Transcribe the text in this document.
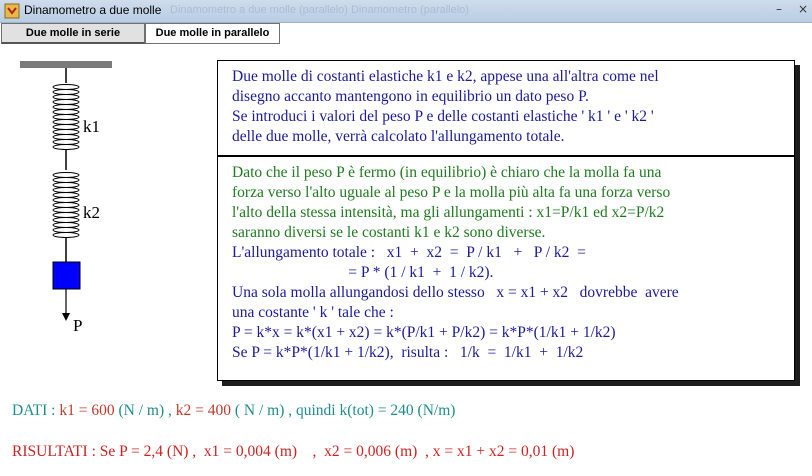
Dinamometro a due molle Dinamometro a due molle (parallelo) Dinamometro (parallelo)	–	×
Due molle in serie	Due molle in parallelo
k1
k2
P
Due molle di costanti elastiche k1 e k2, appese una all'altra come nel
disegno accanto mantengono in equilibrio un dato peso P.
Se introduci i valori del peso P e delle costanti elastiche ' k1 ' e ' k2 '
delle due molle, verrà calcolato l'allungamento totale.
Dato che il peso P è fermo (in equilibrio) è chiaro che la molla fa una
forza verso l'alto uguale al peso P e la molla più alta fa una forza verso
l'alto della stessa intensità, ma gli allungamenti : x1=P/k1 ed x2=P/k2
saranno diversi se le costanti k1 e k2 sono diverse.
L'allungamento totale :   x1  +  x2  =  P / k1   +   P / k2  =
= P * (1 / k1  +  1 / k2).
Una sola molla allungandosi dello stesso   x = x1 + x2   dovrebbe  avere
una costante ' k ' tale che :
P = k*x = k*(x1 + x2) = k*(P/k1 + P/k2) = k*P*(1/k1 + 1/k2)
Se P = k*P*(1/k1 + 1/k2),  risulta :   1/k  =  1/k1  +  1/k2
DATI : k1 = 600 (N / m) , k2 = 400 ( N / m) , quindi k(tot) = 240 (N/m)
RISULTATI : Se P = 2,4 (N) ,  x1 = 0,004 (m)    ,  x2 = 0,006 (m)  , x = x1 + x2 = 0,01 (m)
